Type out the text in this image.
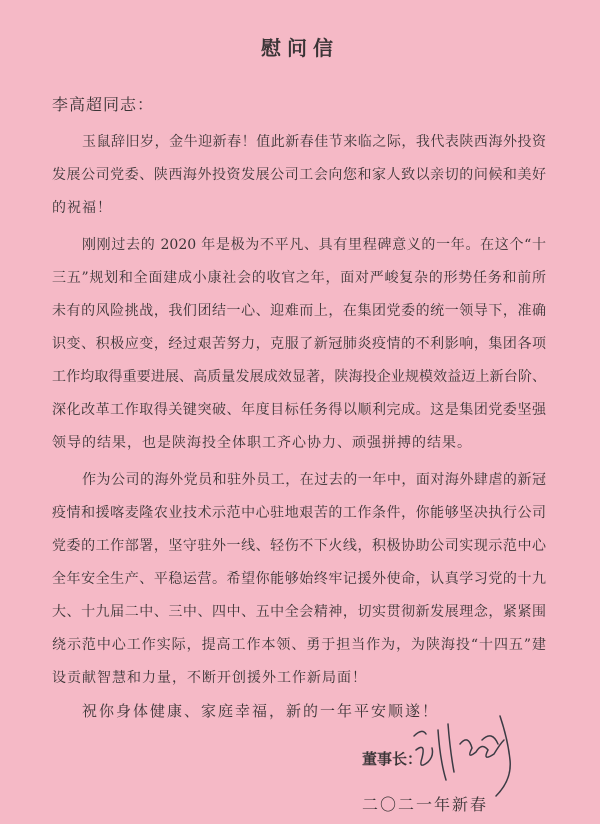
慰问信
李高超同志：
玉鼠辞旧岁，金牛迎新春！值此新春佳节来临之际，我代表陕西海外投资
发展公司党委、陕西海外投资发展公司工会向您和家人致以亲切的问候和美好
的祝福！
刚刚过去的 2020 年是极为不平凡、具有里程碑意义的一年。在这个“十
三五”规划和全面建成小康社会的收官之年，面对严峻复杂的形势任务和前所
未有的风险挑战，我们团结一心、迎难而上，在集团党委的统一领导下，准确
识变、积极应变，经过艰苦努力，克服了新冠肺炎疫情的不利影响，集团各项
工作均取得重要进展、高质量发展成效显著，陕海投企业规模效益迈上新台阶、
深化改革工作取得关键突破、年度目标任务得以顺利完成。这是集团党委坚强
领导的结果，也是陕海投全体职工齐心协力、顽强拼搏的结果。
作为公司的海外党员和驻外员工，在过去的一年中，面对海外肆虐的新冠
疫情和援喀麦隆农业技术示范中心驻地艰苦的工作条件，你能够坚决执行公司
党委的工作部署，坚守驻外一线、轻伤不下火线，积极协助公司实现示范中心
全年安全生产、平稳运营。希望你能够始终牢记援外使命，认真学习党的十九
大、十九届二中、三中、四中、五中全会精神，切实贯彻新发展理念，紧紧围
绕示范中心工作实际，提高工作本领、勇于担当作为，为陕海投“十四五”建
设贡献智慧和力量，不断开创援外工作新局面！
祝你身体健康、家庭幸福，新的一年平安顺遂！
董事长：
二〇二一年新春
